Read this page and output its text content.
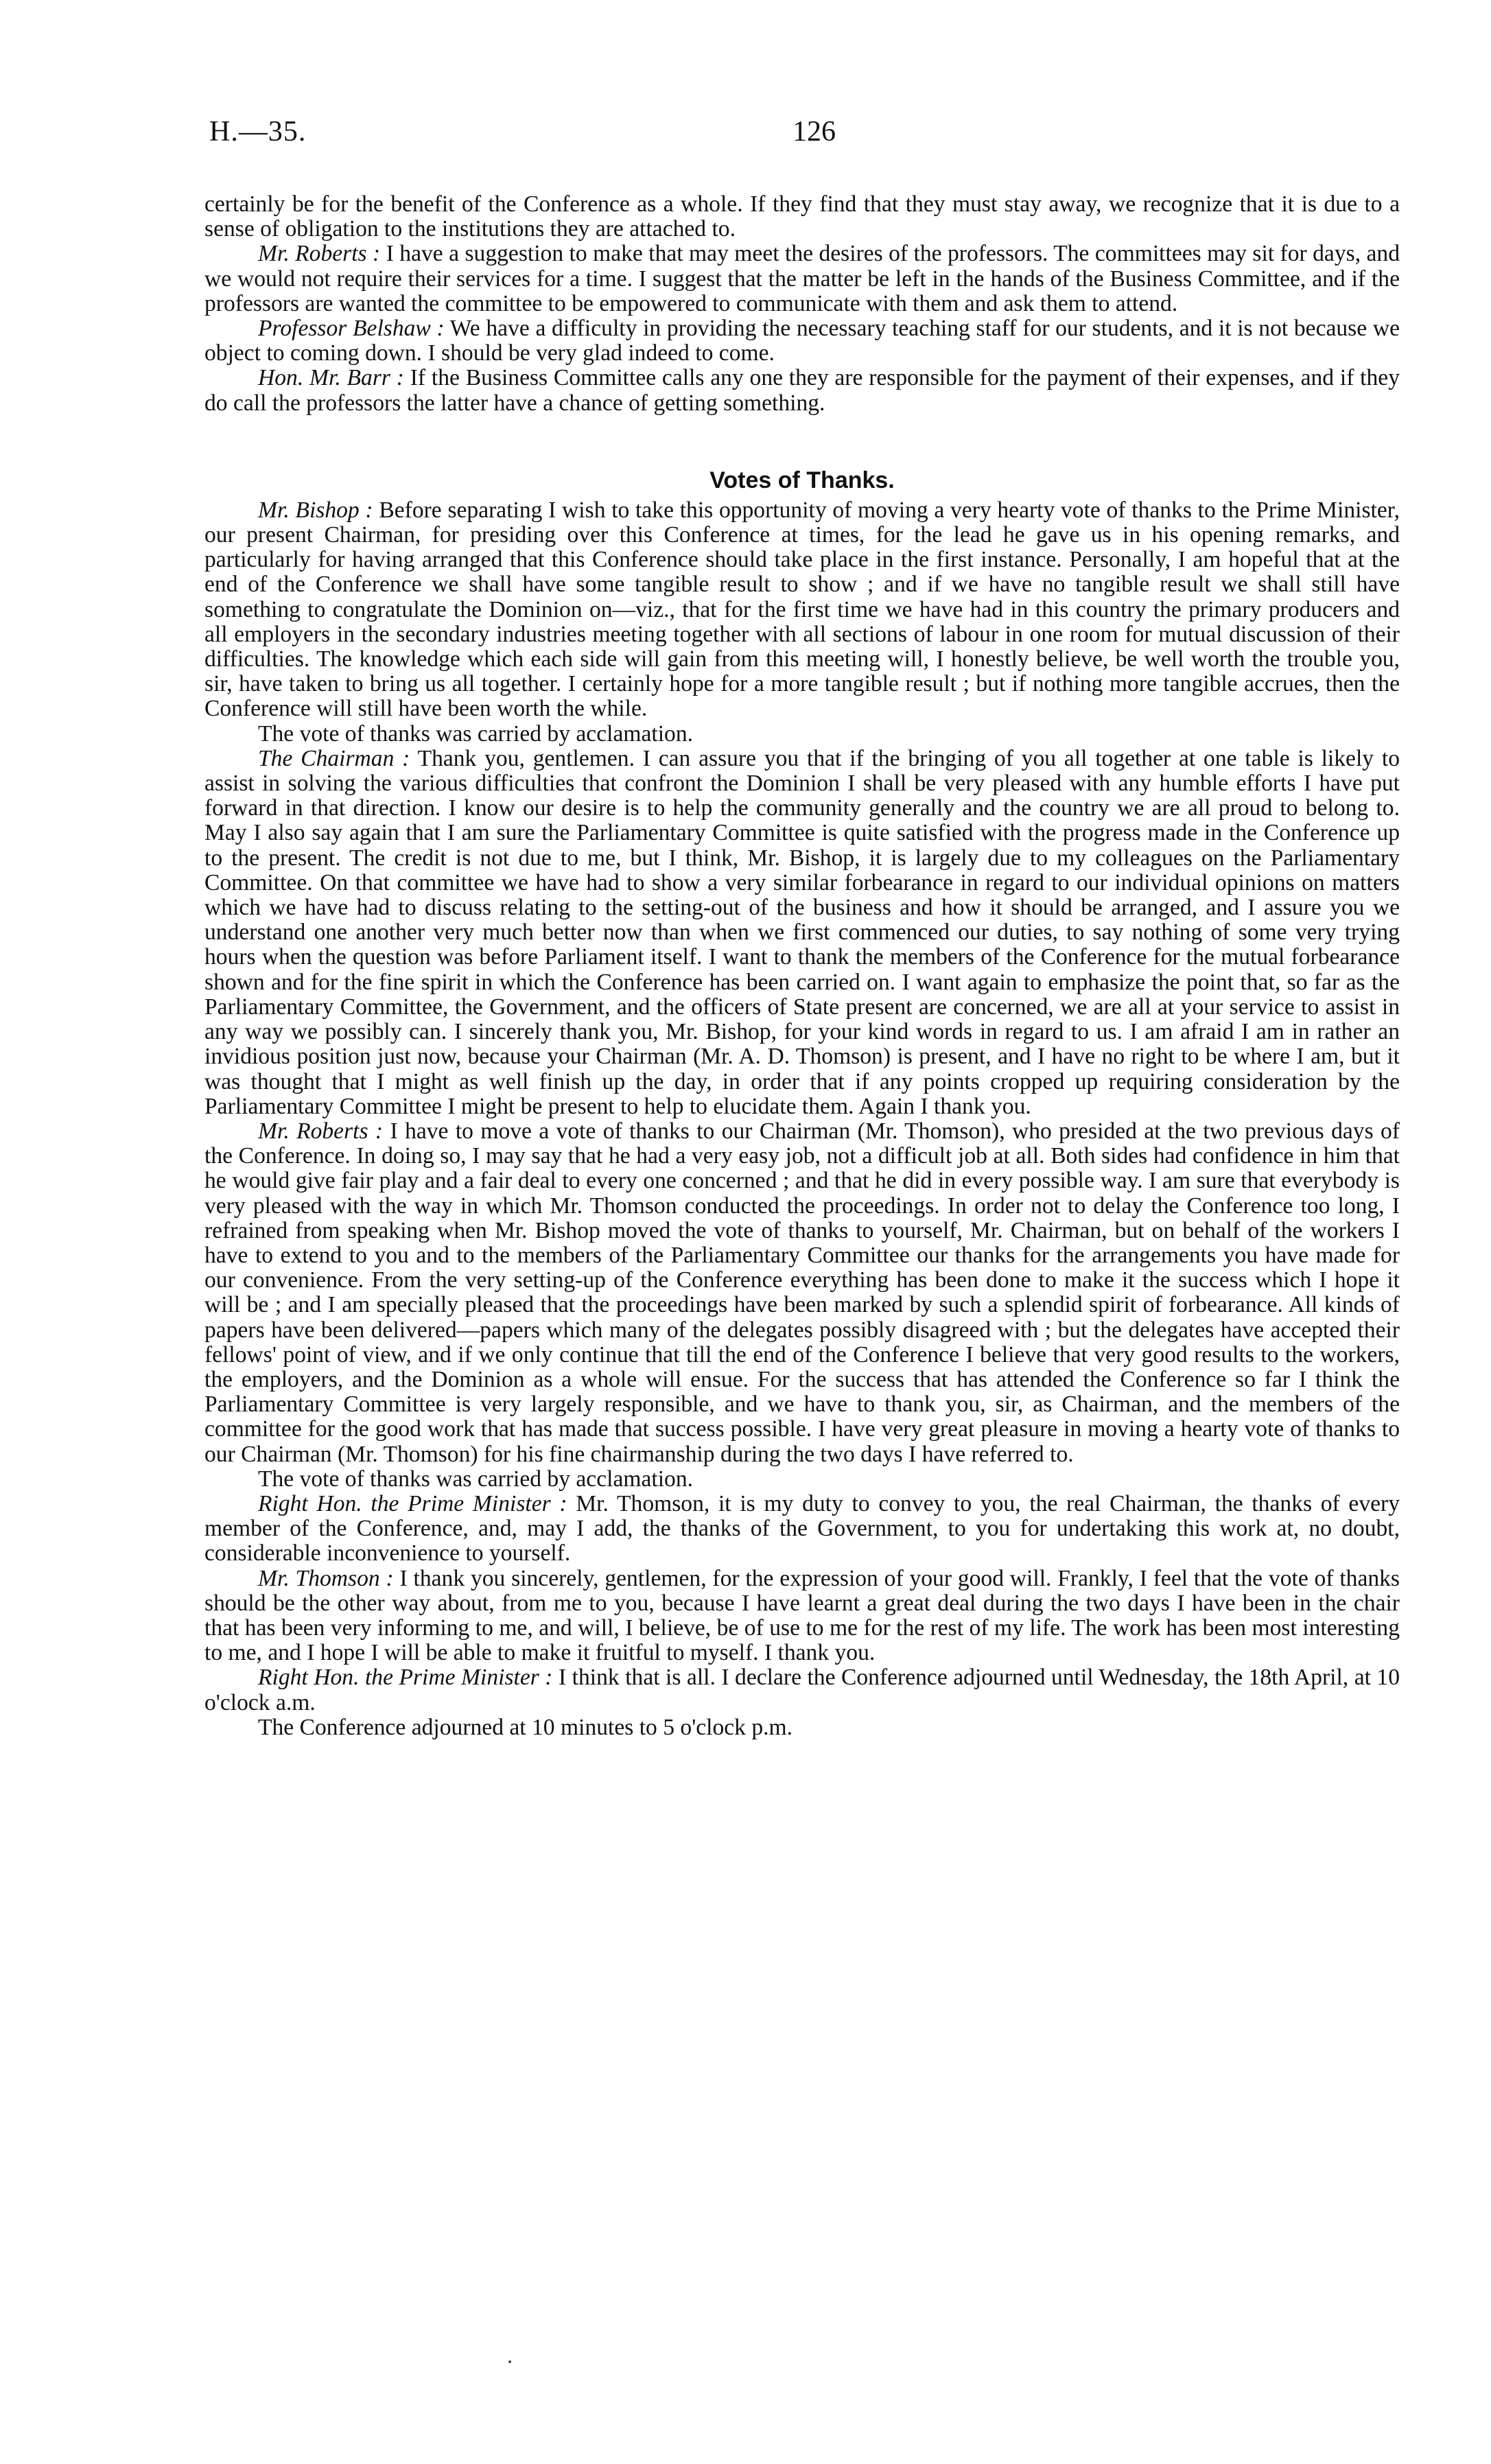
H.—35.	126

certainly be for the benefit of the Conference as a whole. If they find that they must stay away, we recognize that it is due to a sense of obligation to the institutions they are attached to.

Mr. Roberts : I have a suggestion to make that may meet the desires of the professors. The committees may sit for days, and we would not require their services for a time. I suggest that the matter be left in the hands of the Business Committee, and if the professors are wanted the committee to be empowered to communicate with them and ask them to attend.

Professor Belshaw : We have a difficulty in providing the necessary teaching staff for our students, and it is not because we object to coming down. I should be very glad indeed to come.

Hon. Mr. Barr : If the Business Committee calls any one they are responsible for the payment of their expenses, and if they do call the professors the latter have a chance of getting something.

Votes of Thanks.

Mr. Bishop : Before separating I wish to take this opportunity of moving a very hearty vote of thanks to the Prime Minister, our present Chairman, for presiding over this Conference at times, for the lead he gave us in his opening remarks, and particularly for having arranged that this Conference should take place in the first instance. Personally, I am hopeful that at the end of the Conference we shall have some tangible result to show ; and if we have no tangible result we shall still have something to congratulate the Dominion on—viz., that for the first time we have had in this country the primary producers and all employers in the secondary industries meeting together with all sections of labour in one room for mutual discussion of their difficulties. The knowledge which each side will gain from this meeting will, I honestly believe, be well worth the trouble you, sir, have taken to bring us all together. I certainly hope for a more tangible result ; but if nothing more tangible accrues, then the Conference will still have been worth the while.

The vote of thanks was carried by acclamation.

The Chairman : Thank you, gentlemen. I can assure you that if the bringing of you all together at one table is likely to assist in solving the various difficulties that confront the Dominion I shall be very pleased with any humble efforts I have put forward in that direction. I know our desire is to help the community generally and the country we are all proud to belong to. May I also say again that I am sure the Parliamentary Committee is quite satisfied with the progress made in the Conference up to the present. The credit is not due to me, but I think, Mr. Bishop, it is largely due to my colleagues on the Parliamentary Committee. On that committee we have had to show a very similar forbearance in regard to our individual opinions on matters which we have had to discuss relating to the setting-out of the business and how it should be arranged, and I assure you we understand one another very much better now than when we first commenced our duties, to say nothing of some very trying hours when the question was before Parliament itself. I want to thank the members of the Conference for the mutual forbearance shown and for the fine spirit in which the Conference has been carried on. I want again to emphasize the point that, so far as the Parliamentary Committee, the Government, and the officers of State present are concerned, we are all at your service to assist in any way we possibly can. I sincerely thank you, Mr. Bishop, for your kind words in regard to us. I am afraid I am in rather an invidious position just now, because your Chairman (Mr. A. D. Thomson) is present, and I have no right to be where I am, but it was thought that I might as well finish up the day, in order that if any points cropped up requiring consideration by the Parliamentary Committee I might be present to help to elucidate them. Again I thank you.

Mr. Roberts : I have to move a vote of thanks to our Chairman (Mr. Thomson), who presided at the two previous days of the Conference. In doing so, I may say that he had a very easy job, not a difficult job at all. Both sides had confidence in him that he would give fair play and a fair deal to every one concerned ; and that he did in every possible way. I am sure that everybody is very pleased with the way in which Mr. Thomson conducted the proceedings. In order not to delay the Conference too long, I refrained from speaking when Mr. Bishop moved the vote of thanks to yourself, Mr. Chairman, but on behalf of the workers I have to extend to you and to the members of the Parliamentary Committee our thanks for the arrangements you have made for our convenience. From the very setting-up of the Conference everything has been done to make it the success which I hope it will be ; and I am specially pleased that the proceedings have been marked by such a splendid spirit of forbearance. All kinds of papers have been delivered—papers which many of the delegates possibly disagreed with ; but the delegates have accepted their fellows' point of view, and if we only continue that till the end of the Conference I believe that very good results to the workers, the employers, and the Dominion as a whole will ensue. For the success that has attended the Conference so far I think the Parliamentary Committee is very largely responsible, and we have to thank you, sir, as Chairman, and the members of the committee for the good work that has made that success possible. I have very great pleasure in moving a hearty vote of thanks to our Chairman (Mr. Thomson) for his fine chairmanship during the two days I have referred to.

The vote of thanks was carried by acclamation.

Right Hon. the Prime Minister : Mr. Thomson, it is my duty to convey to you, the real Chairman, the thanks of every member of the Conference, and, may I add, the thanks of the Government, to you for undertaking this work at, no doubt, considerable inconvenience to yourself.

Mr. Thomson : I thank you sincerely, gentlemen, for the expression of your good will. Frankly, I feel that the vote of thanks should be the other way about, from me to you, because I have learnt a great deal during the two days I have been in the chair that has been very informing to me, and will, I believe, be of use to me for the rest of my life. The work has been most interesting to me, and I hope I will be able to make it fruitful to myself. I thank you.

Right Hon. the Prime Minister : I think that is all. I declare the Conference adjourned until Wednesday, the 18th April, at 10 o'clock a.m.

The Conference adjourned at 10 minutes to 5 o'clock p.m.
